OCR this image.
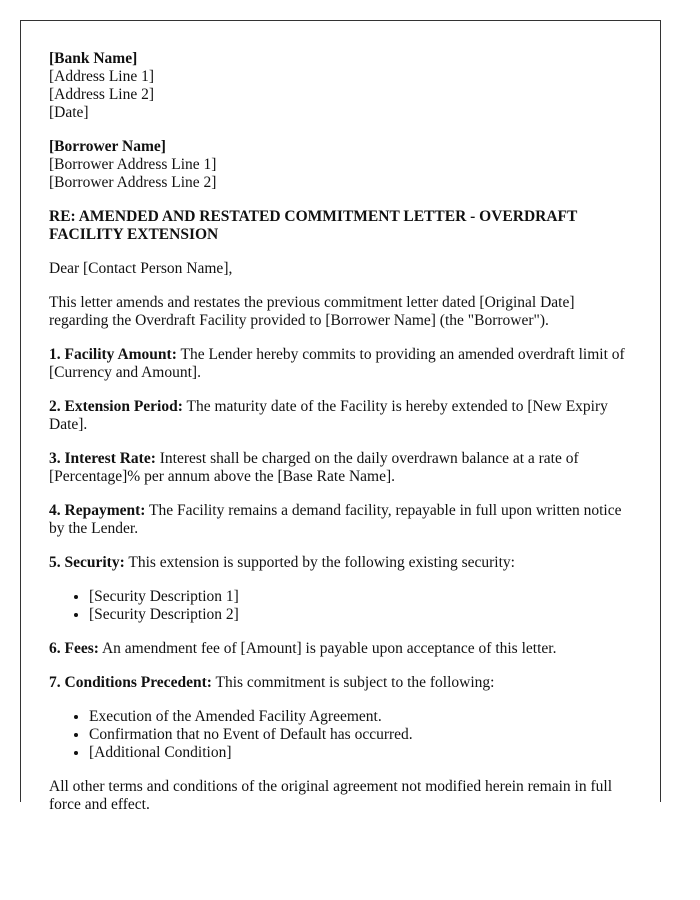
[Bank Name]
[Address Line 1]
[Address Line 2]
[Date]

[Borrower Name]
[Borrower Address Line 1]
[Borrower Address Line 2]

RE: AMENDED AND RESTATED COMMITMENT LETTER - OVERDRAFT FACILITY EXTENSION

Dear [Contact Person Name],

This letter amends and restates the previous commitment letter dated [Original Date] regarding the Overdraft Facility provided to [Borrower Name] (the "Borrower").

1. Facility Amount: The Lender hereby commits to providing an amended overdraft limit of [Currency and Amount].

2. Extension Period: The maturity date of the Facility is hereby extended to [New Expiry Date].

3. Interest Rate: Interest shall be charged on the daily overdrawn balance at a rate of [Percentage]% per annum above the [Base Rate Name].

4. Repayment: The Facility remains a demand facility, repayable in full upon written notice by the Lender.

5. Security: This extension is supported by the following existing security:

• [Security Description 1]
• [Security Description 2]

6. Fees: An amendment fee of [Amount] is payable upon acceptance of this letter.

7. Conditions Precedent: This commitment is subject to the following:

• Execution of the Amended Facility Agreement.
• Confirmation that no Event of Default has occurred.
• [Additional Condition]

All other terms and conditions of the original agreement not modified herein remain in full force and effect.
